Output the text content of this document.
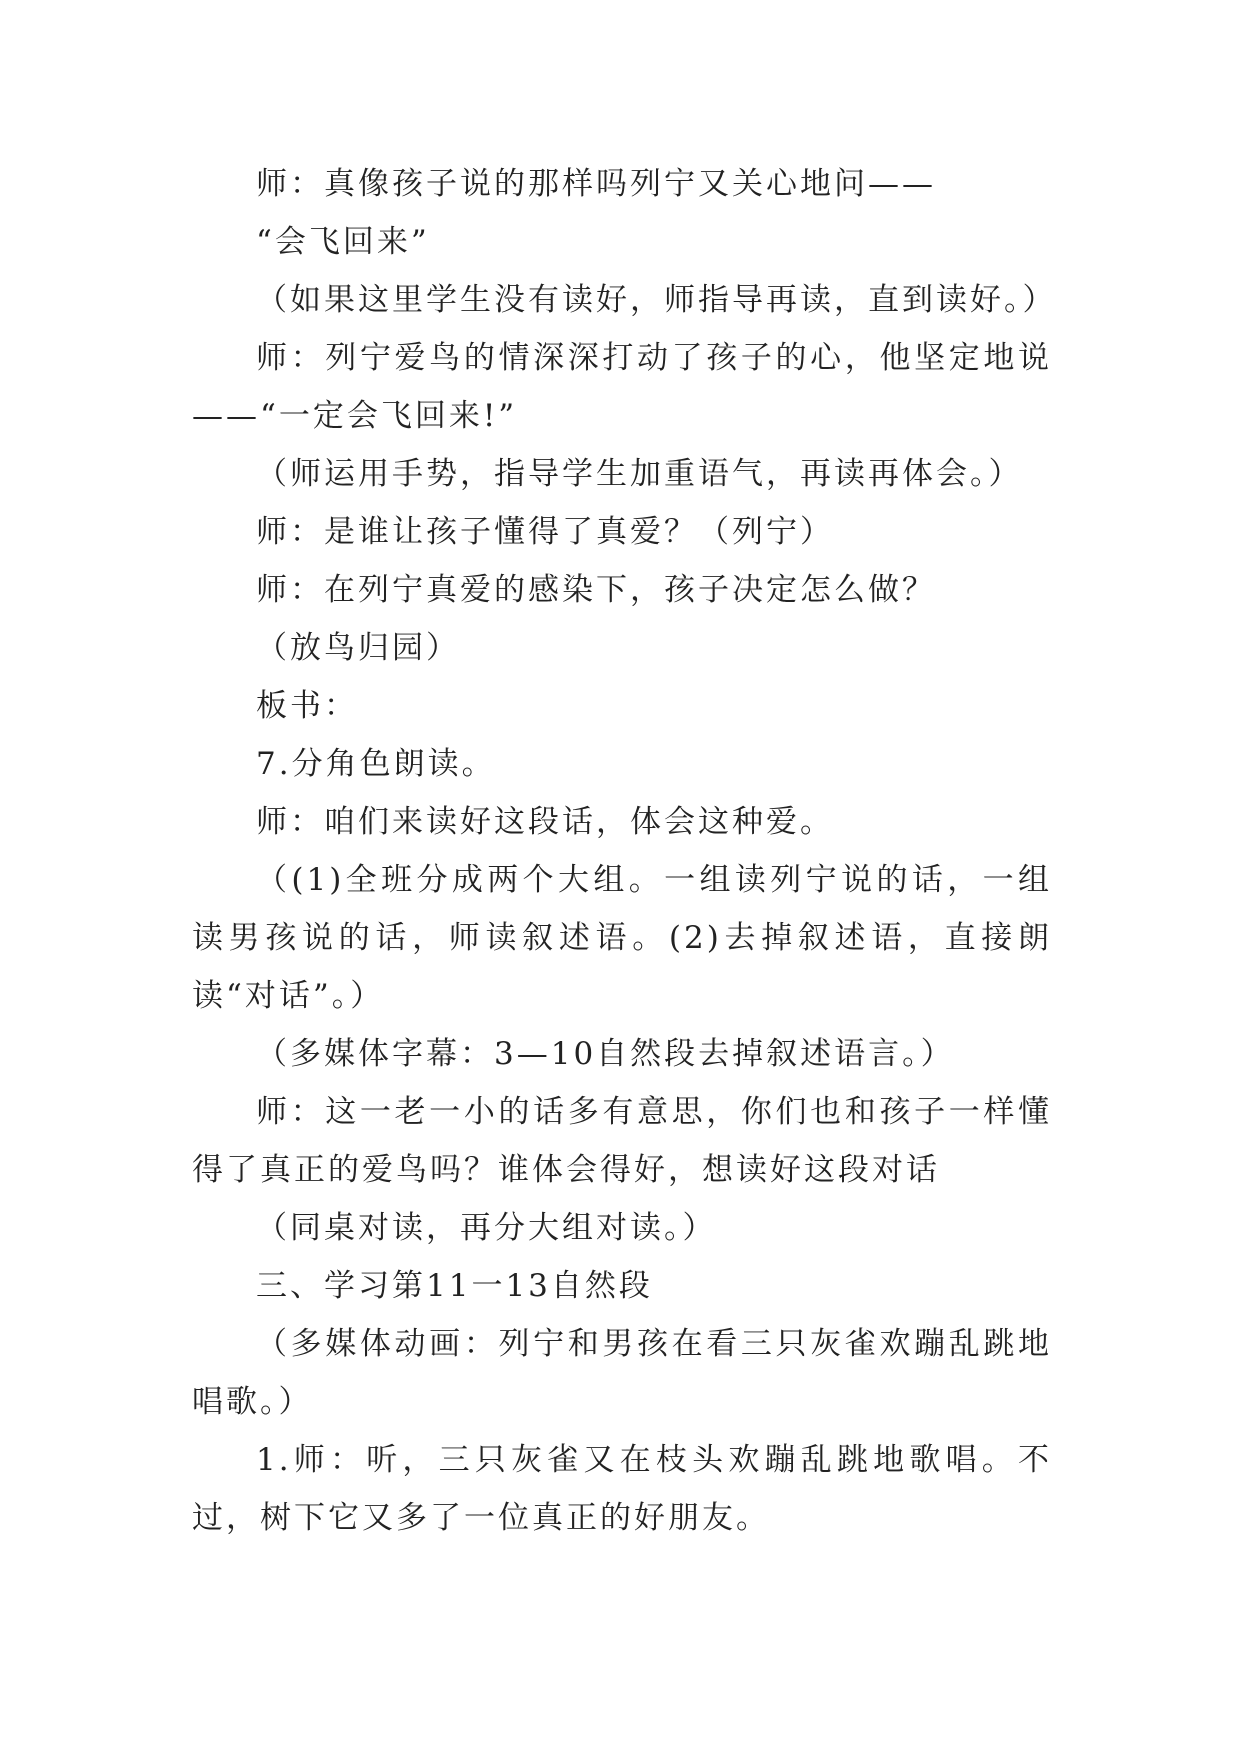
师：真像孩子说的那样吗列宁又关心地问——

“会飞回来”

（如果这里学生没有读好，师指导再读，直到读好。）

师：列宁爱鸟的情深深打动了孩子的心，他坚定地说——“一定会飞回来!”

（师运用手势，指导学生加重语气，再读再体会。）

师：是谁让孩子懂得了真爱？（列宁）

师：在列宁真爱的感染下，孩子决定怎么做？

（放鸟归园）

板书：

7.分角色朗读。

师：咱们来读好这段话，体会这种爱。

（(1)全班分成两个大组。一组读列宁说的话，一组读男孩说的话，师读叙述语。(2)去掉叙述语，直接朗读“对话”。）

（多媒体字幕：3—10自然段去掉叙述语言。）

师：这一老一小的话多有意思，你们也和孩子一样懂得了真正的爱鸟吗？谁体会得好，想读好这段对话

（同桌对读，再分大组对读。）

三、学习第11一13自然段

（多媒体动画：列宁和男孩在看三只灰雀欢蹦乱跳地唱歌。）

1.师：听，三只灰雀又在枝头欢蹦乱跳地歌唱。不过，树下它又多了一位真正的好朋友。
